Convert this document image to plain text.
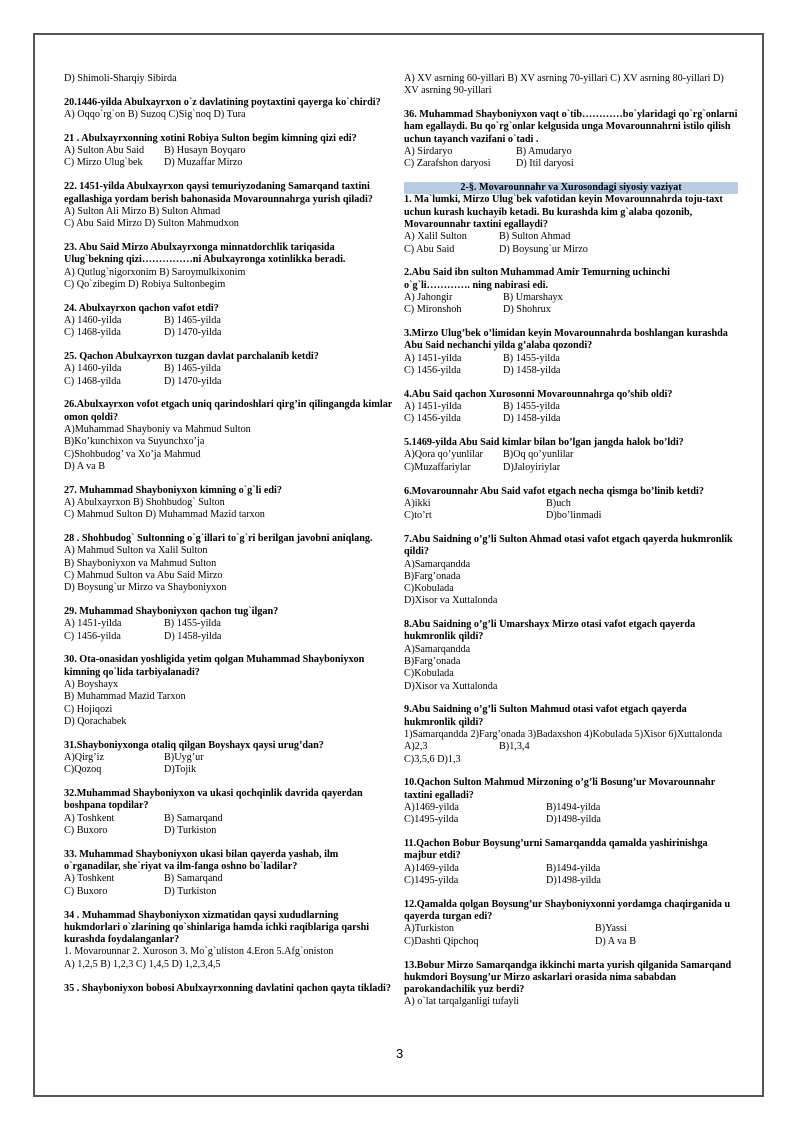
D) Shimoli-Sharqiy Sibirda
20.1446-yilda Abulxayrxon o`z davlatining poytaxtini qayerga ko`chirdi?
A) Oqqo`rg`on B) Suzoq C)Sig`noq D) Tura
21 . Abulxayrxonning xotini Robiya Sulton begim kimning qizi edi?
A) Sulton Abu Said	B) Husayn Boyqaro
C) Mirzo Ulug`bek	D) Muzaffar Mirzo
22. 1451-yilda Abulxayrxon qaysi temuriyzodaning Samarqand taxtini egallashiga yordam berish bahonasida Movarounnahrga yurish qiladi?
A) Sulton Ali Mirzo B) Sulton Ahmad
C) Abu Said Mirzo D) Sulton Mahmudxon
23. Abu Said Mirzo Abulxayrxonga minnatdorchlik tariqasida Ulug`bekning qizi……………ni Abulxayronga xotinlikka beradi.
A) Qutlug`nigorxonim B) Saroymulkixonim
C) Qo`zibegim D) Robiya Sultonbegim
24. Abulxayrxon qachon vafot etdi?
A) 1460-yilda	B) 1465-yilda
C) 1468-yilda	D) 1470-yilda
25. Qachon Abulxayrxon tuzgan davlat parchalanib ketdi?
A) 1460-yilda	B) 1465-yilda
C) 1468-yilda	D) 1470-yilda
26.Abulxayrxon vofot etgach uniq qarindoshlari qirg’in qilingangda kimlar omon qoldi?
A)Muhammad Shayboniy va Mahmud Sulton
B)Ko’kunchixon va Suyunchxo’ja
C)Shohbudog’ va Xo’ja Mahmud
D) A va B
27. Muhammad Shayboniyxon kimning o`g`li edi?
A) Abulxayrxon B) Shohbudog` Sulton
C) Mahmud Sulton D) Muhammad Mazid tarxon
28 . Shohbudog` Sultonning o`g`illari to`g`ri berilgan javobni aniqlang.
A) Mahmud Sulton va Xalil Sulton
B) Shayboniyxon va Mahmud Sulton
C) Mahmud Sulton va Abu Said Mirzo
D) Boysung`ur Mirzo va Shayboniyxon
29. Muhammad Shayboniyxon qachon tug`ilgan?
A) 1451-yilda	B) 1455-yilda
C) 1456-yilda	D) 1458-yilda
30. Ota-onasidan yoshligida yetim qolgan Muhammad Shayboniyxon kimning qo`lida tarbiyalanadi?
A) Boyshayx
B) Muhammad Mazid Tarxon
C) Hojiqozi
D) Qorachabek
31.Shayboniyxonga otaliq qilgan Boyshayx qaysi urug’dan?
A)Qirg’iz	B)Uyg’ur
C)Qozoq	D)Tojik
32.Muhammad Shayboniyxon va ukasi qochqinlik davrida qayerdan boshpana topdilar?
A) Toshkent	B) Samarqand
C) Buxoro	D) Turkiston
33. Muhammad Shayboniyxon ukasi bilan qayerda yashab, ilm o`rganadilar, she`riyat va ilm-fanga oshno bo`ladilar?
A) Toshkent	B) Samarqand
C) Buxoro	D) Turkiston
34 . Muhammad Shayboniyxon xizmatidan qaysi xududlarning hukmdorlari o`zlarining qo`shinlariga hamda ichki raqiblariga qarshi kurashda foydalanganlar?
1. Movarounnar 2. Xuroson 3. Mo`g`uliston 4.Eron 5.Afg`oniston
A) 1,2,5 B) 1,2,3 C) 1,4,5 D) 1,2,3,4,5
35 . Shayboniyxon bobosi Abulxayrxonning davlatini qachon qayta tikladi?
A) XV asrning 60-yillari B) XV asrning 70-yillari C) XV asrning 80-yillari D) XV asrning 90-yillari
36. Muhammad Shayboniyxon vaqt o`tib…………bo`ylaridagi qo`rg`onlarni ham egallaydi. Bu qo`rg`onlar kelgusida unga Movarounnahrni istilo qilish uchun tayanch vazifani o`tadi .
A) Sirdaryo	B) Amudaryo
C) Zarafshon daryosi	D) Itil daryosi
2-§. Movarounnahr va Xurosondagi siyosiy vaziyat
1. Ma`lumki, Mirzo Ulug`bek vafotidan keyin Movarounnahrda toju-taxt uchun kurash kuchayib ketadi. Bu kurashda kim g`alaba qozonib, Movarounnahr taxtini egallaydi?
A) Xalil Sulton	B) Sulton Ahmad
C) Abu Said	D) Boysung`ur Mirzo
2.Abu Said ibn sulton Muhammad Amir Temurning uchinchi o`g`li…………. ning nabirasi edi.
A) Jahongir	B) Umarshayx
C) Mironshoh	D) Shohrux
3.Mirzo Ulug’bek o’limidan keyin Movarounnahrda boshlangan kurashda Abu Said nechanchi yilda g’alaba qozondi?
A) 1451-yilda	B) 1455-yilda
C) 1456-yilda	D) 1458-yilda
4.Abu Said qachon Xurosonni Movarounnahrga qo’shib oldi?
A) 1451-yilda	B) 1455-yilda
C) 1456-yilda	D) 1458-yilda
5.1469-yilda Abu Said kimlar bilan bo’lgan jangda halok bo’ldi?
A)Qora qo’yunlilar	B)Oq qo’yunlilar
C)Muzaffariylar	D)Jaloyiriylar
6.Movarounnahr Abu Said vafot etgach necha qismga bo’linib ketdi?
A)ikki	B)uch
C)to’rt	D)bo’linmadi
7.Abu Saidning o’g’li Sulton Ahmad otasi vafot etgach qayerda hukmronlik qildi?
A)Samarqandda
B)Farg’onada
C)Kobulada
D)Xisor va Xuttalonda
8.Abu Saidning o’g’li Umarshayx Mirzo otasi vafot etgach qayerda hukmronlik qildi?
A)Samarqandda
B)Farg’onada
C)Kobulada
D)Xisor va Xuttalonda
9.Abu Saidning o’g’li Sulton Mahmud otasi vafot etgach qayerda hukmronlik qildi?
1)Samarqandda 2)Farg’onada 3)Badaxshon 4)Kobulada 5)Xisor 6)Xuttalonda
A)2,3	B)1,3,4
C)3,5,6 D)1,3
10.Qachon Sulton Mahmud Mirzoning o’g’li Bosung’ur Movarounnahr taxtini egalladi?
A)1469-yilda	B)1494-yilda
C)1495-yilda	D)1498-yilda
11.Qachon Bobur Boysung’urni Samarqandda qamalda yashirinishga majbur etdi?
A)1469-yilda	B)1494-yilda
C)1495-yilda	D)1498-yilda
12.Qamalda qolgan Boysung’ur Shayboniyxonni yordamga chaqirganida u qayerda turgan edi?
A)Turkiston	B)Yassi
C)Dashti Qipchoq	D) A va B
13.Bobur Mirzo Samarqandga ikkinchi marta yurish qilganida Samarqand hukmdori Boysung’ur Mirzo askarlari orasida nima sababdan parokandachilik yuz berdi?
A) o`lat tarqalganligi tufayli
3
